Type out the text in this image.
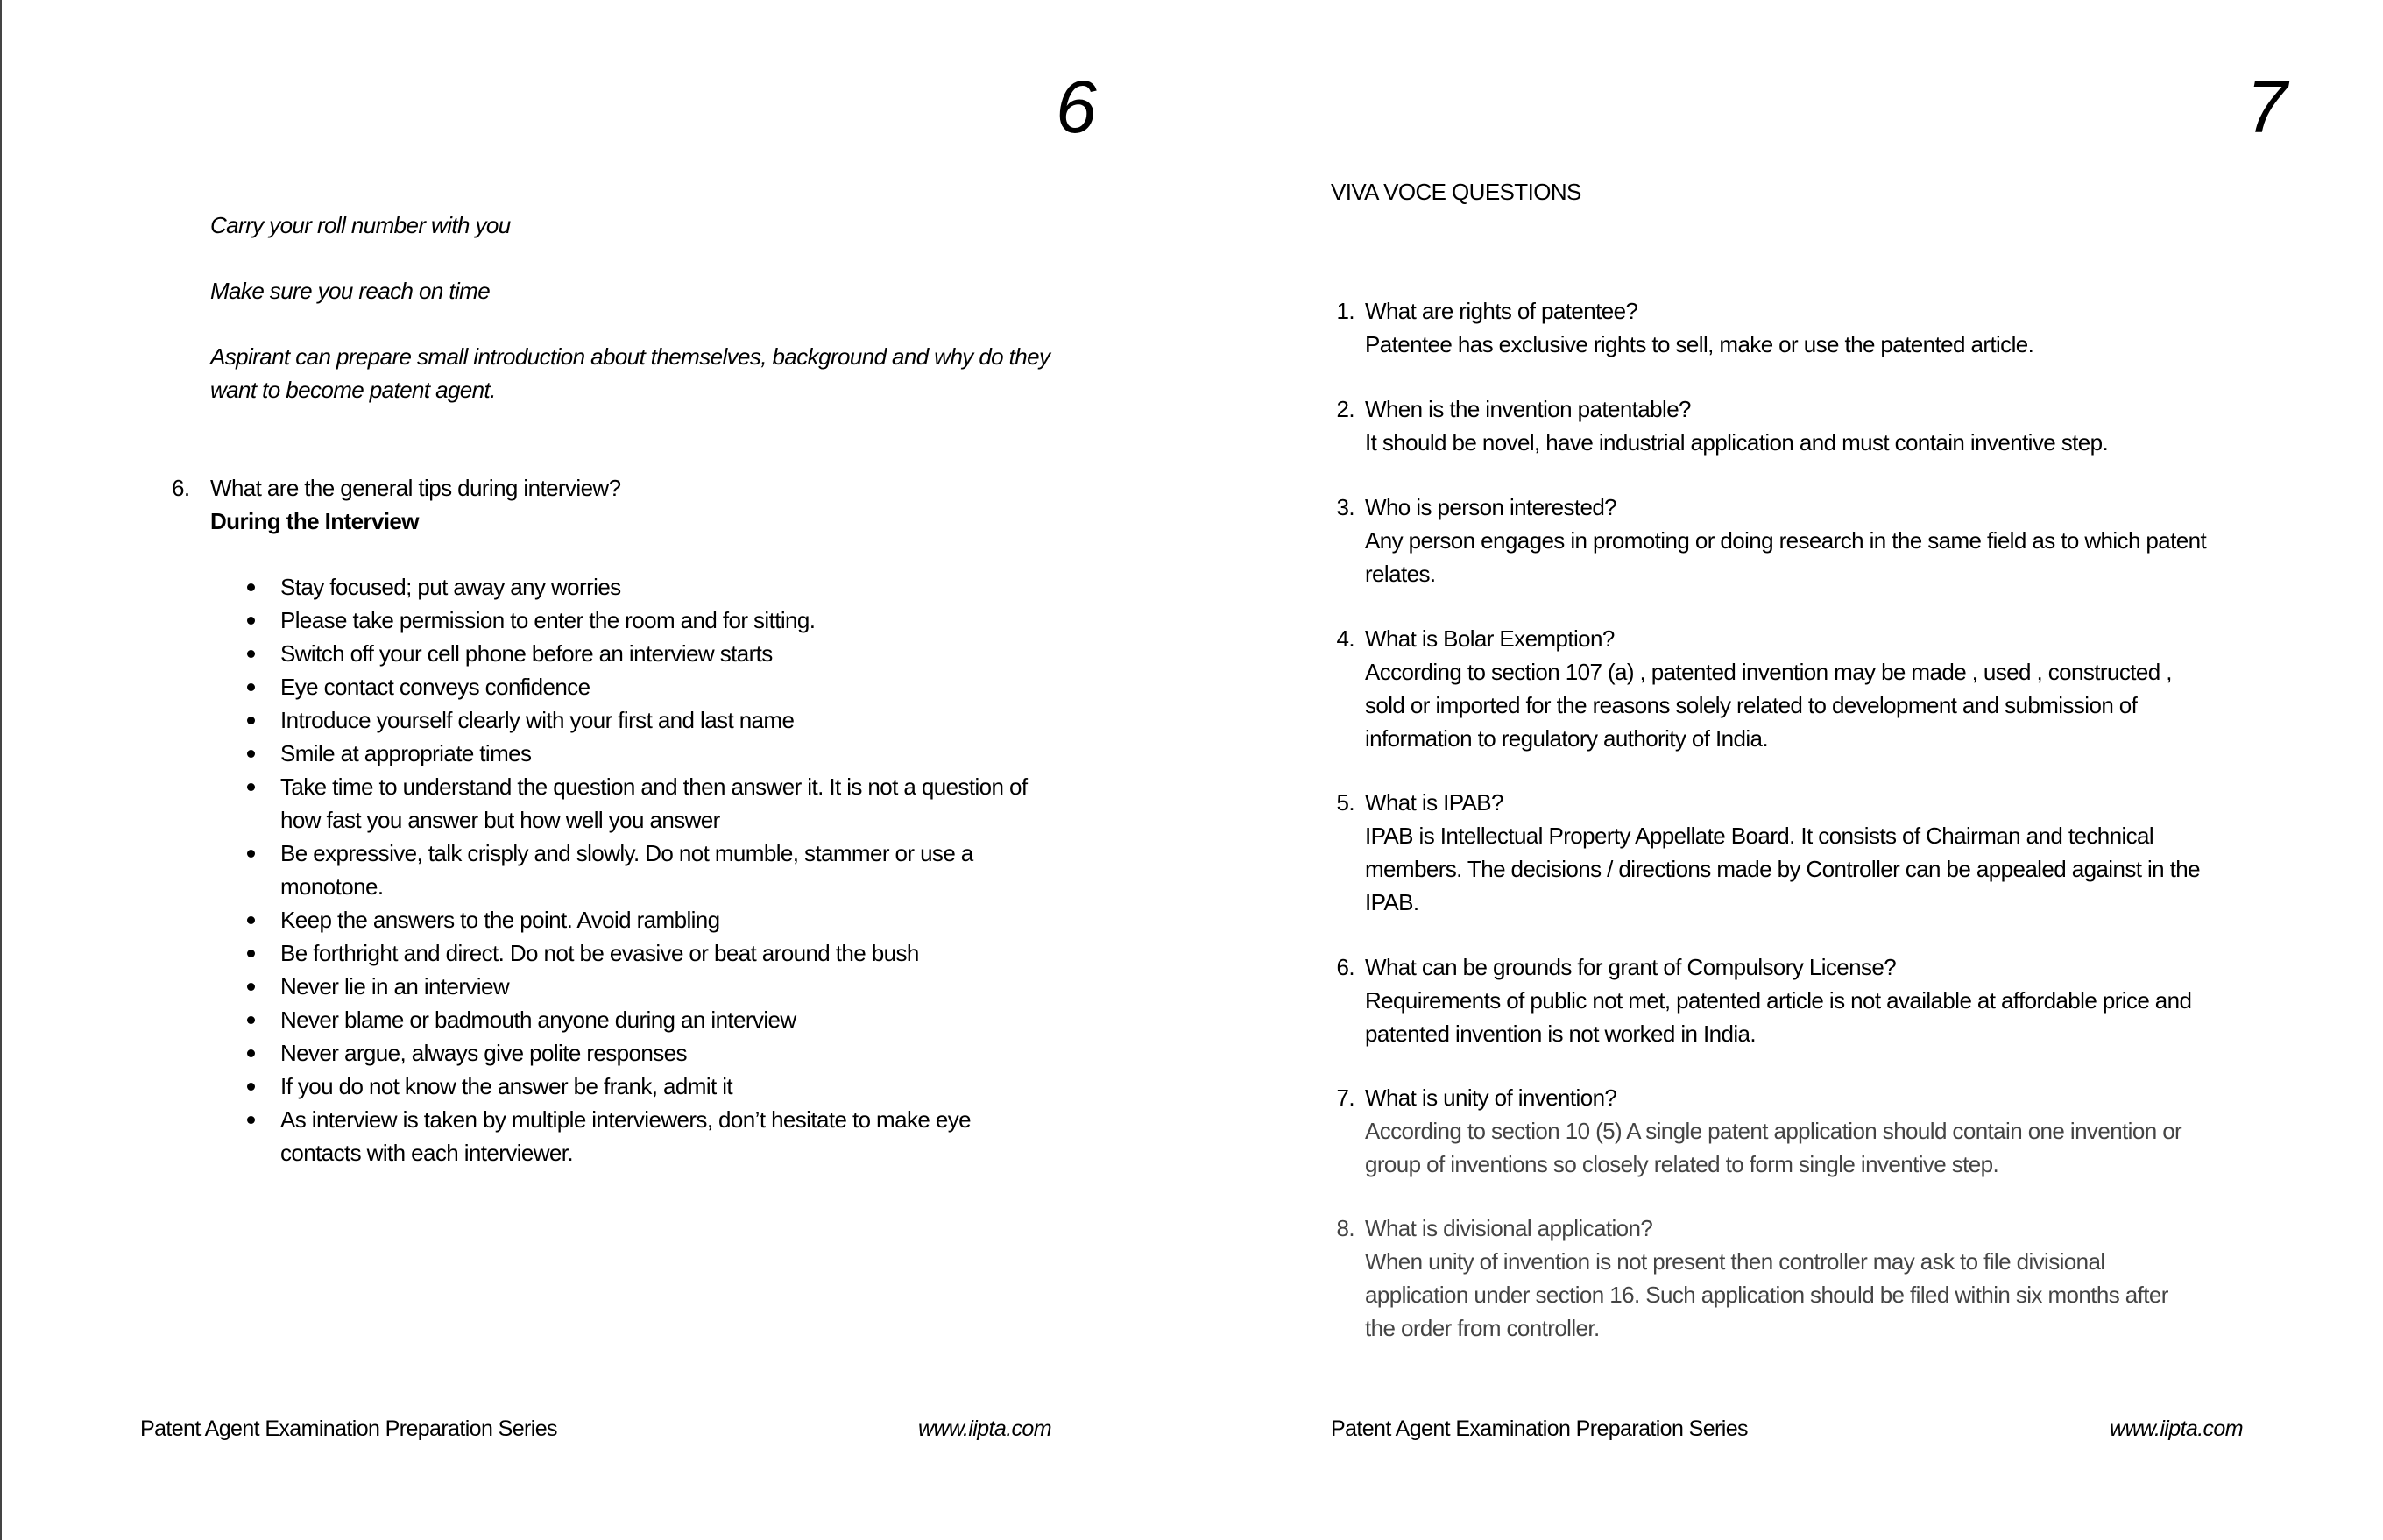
6
Carry your roll number with you
Make sure you reach on time
Aspirant can prepare small introduction about themselves, background and why do they
want to become patent agent.
6. What are the general tips during interview?
During the Interview
Stay focused; put away any worries
Please take permission to enter the room and for sitting.
Switch off your cell phone before an interview starts
Eye contact conveys confidence
Introduce yourself clearly with your first and last name
Smile at appropriate times
Take time to understand the question and then answer it. It is not a question of
how fast you answer but how well you answer
Be expressive, talk crisply and slowly. Do not mumble, stammer or use a
monotone.
Keep the answers to the point. Avoid rambling
Be forthright and direct. Do not be evasive or beat around the bush
Never lie in an interview
Never blame or badmouth anyone during an interview
Never argue, always give polite responses
If you do not know the answer be frank, admit it
As interview is taken by multiple interviewers, don’t hesitate to make eye
contacts with each interviewer.
Patent Agent Examination Preparation Series	www.iipta.com
7
VIVA VOCE QUESTIONS
1. What are rights of patentee?
Patentee has exclusive rights to sell, make or use the patented article.
2. When is the invention patentable?
It should be novel, have industrial application and must contain inventive step.
3. Who is person interested?
Any person engages in promoting or doing research in the same field as to which patent
relates.
4. What is Bolar Exemption?
According to section 107 (a) , patented invention may be made , used , constructed ,
sold or imported for the reasons solely related to development and submission of
information to regulatory authority of India.
5. What is IPAB?
IPAB is Intellectual Property Appellate Board. It consists of Chairman and technical
members. The decisions / directions made by Controller can be appealed against in the
IPAB.
6. What can be grounds for grant of Compulsory License?
Requirements of public not met, patented article is not available at affordable price and
patented invention is not worked in India.
7. What is unity of invention?
According to section 10 (5) A single patent application should contain one invention or
group of inventions so closely related to form single inventive step.
8. What is divisional application?
When unity of invention is not present then controller may ask to file divisional
application under section 16. Such application should be filed within six months after
the order from controller.
Patent Agent Examination Preparation Series	www.iipta.com
